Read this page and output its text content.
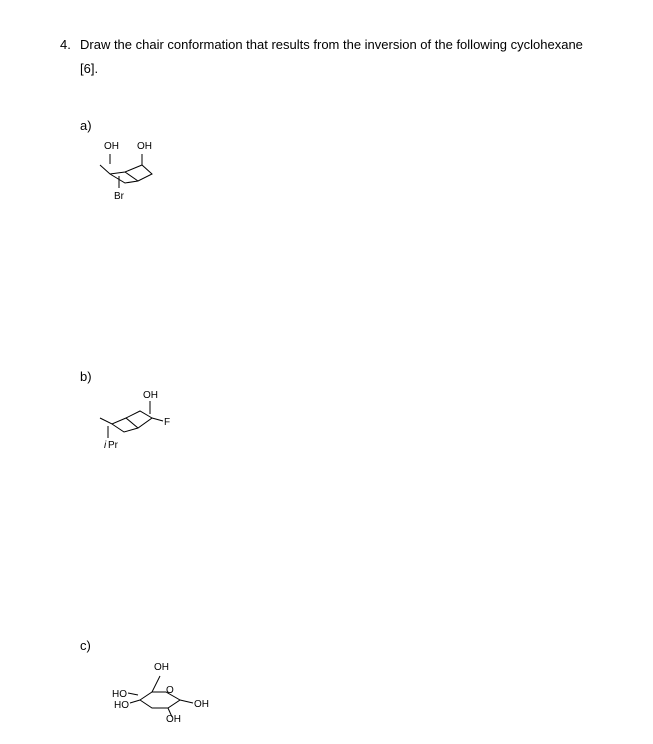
4. Draw the chair conformation that results from the inversion of the following cyclohexane
[6].
a)
b)
c)
OH OH
Br
OH
F
i Pr
OH
HO
HO
O
OH
OH
